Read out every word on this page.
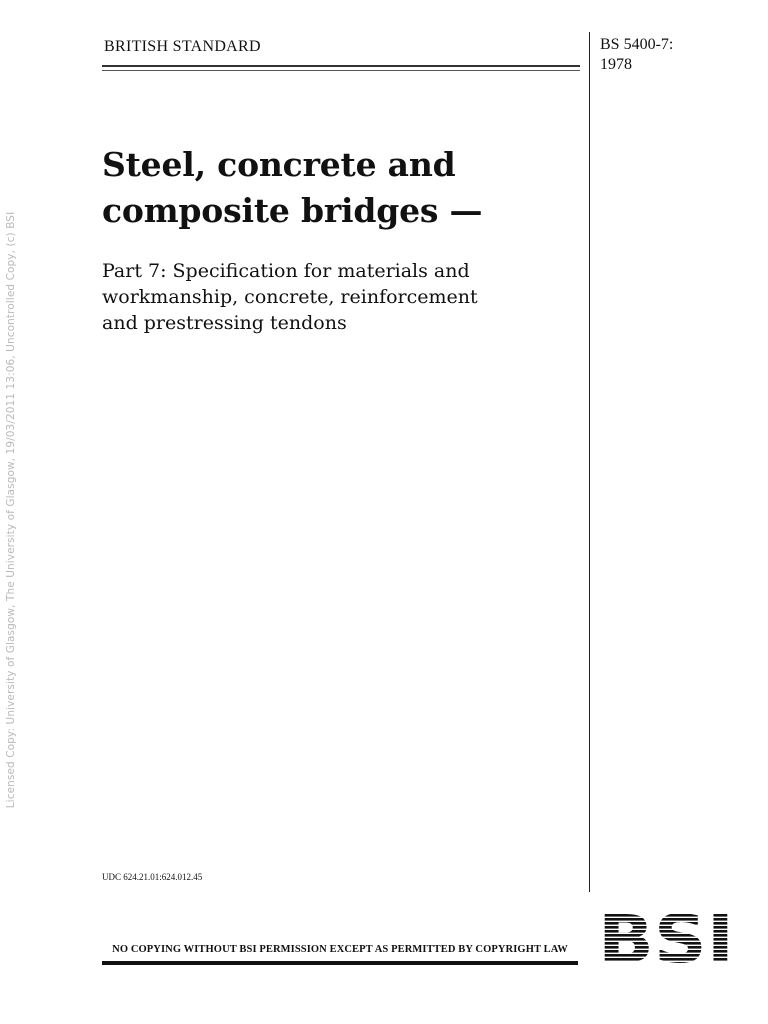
Licensed Copy: University of Glasgow, The University of Glasgow, 19/03/2011 13:06, Uncontrolled Copy, (c) BSI
BRITISH STANDARD	BS 5400-7:
1978
Steel, concrete and
composite bridges —
Part 7: Specification for materials and
workmanship, concrete, reinforcement
and prestressing tendons
UDC 624.21.01:624.012.45
NO COPYING WITHOUT BSI PERMISSION EXCEPT AS PERMITTED BY COPYRIGHT LAW
